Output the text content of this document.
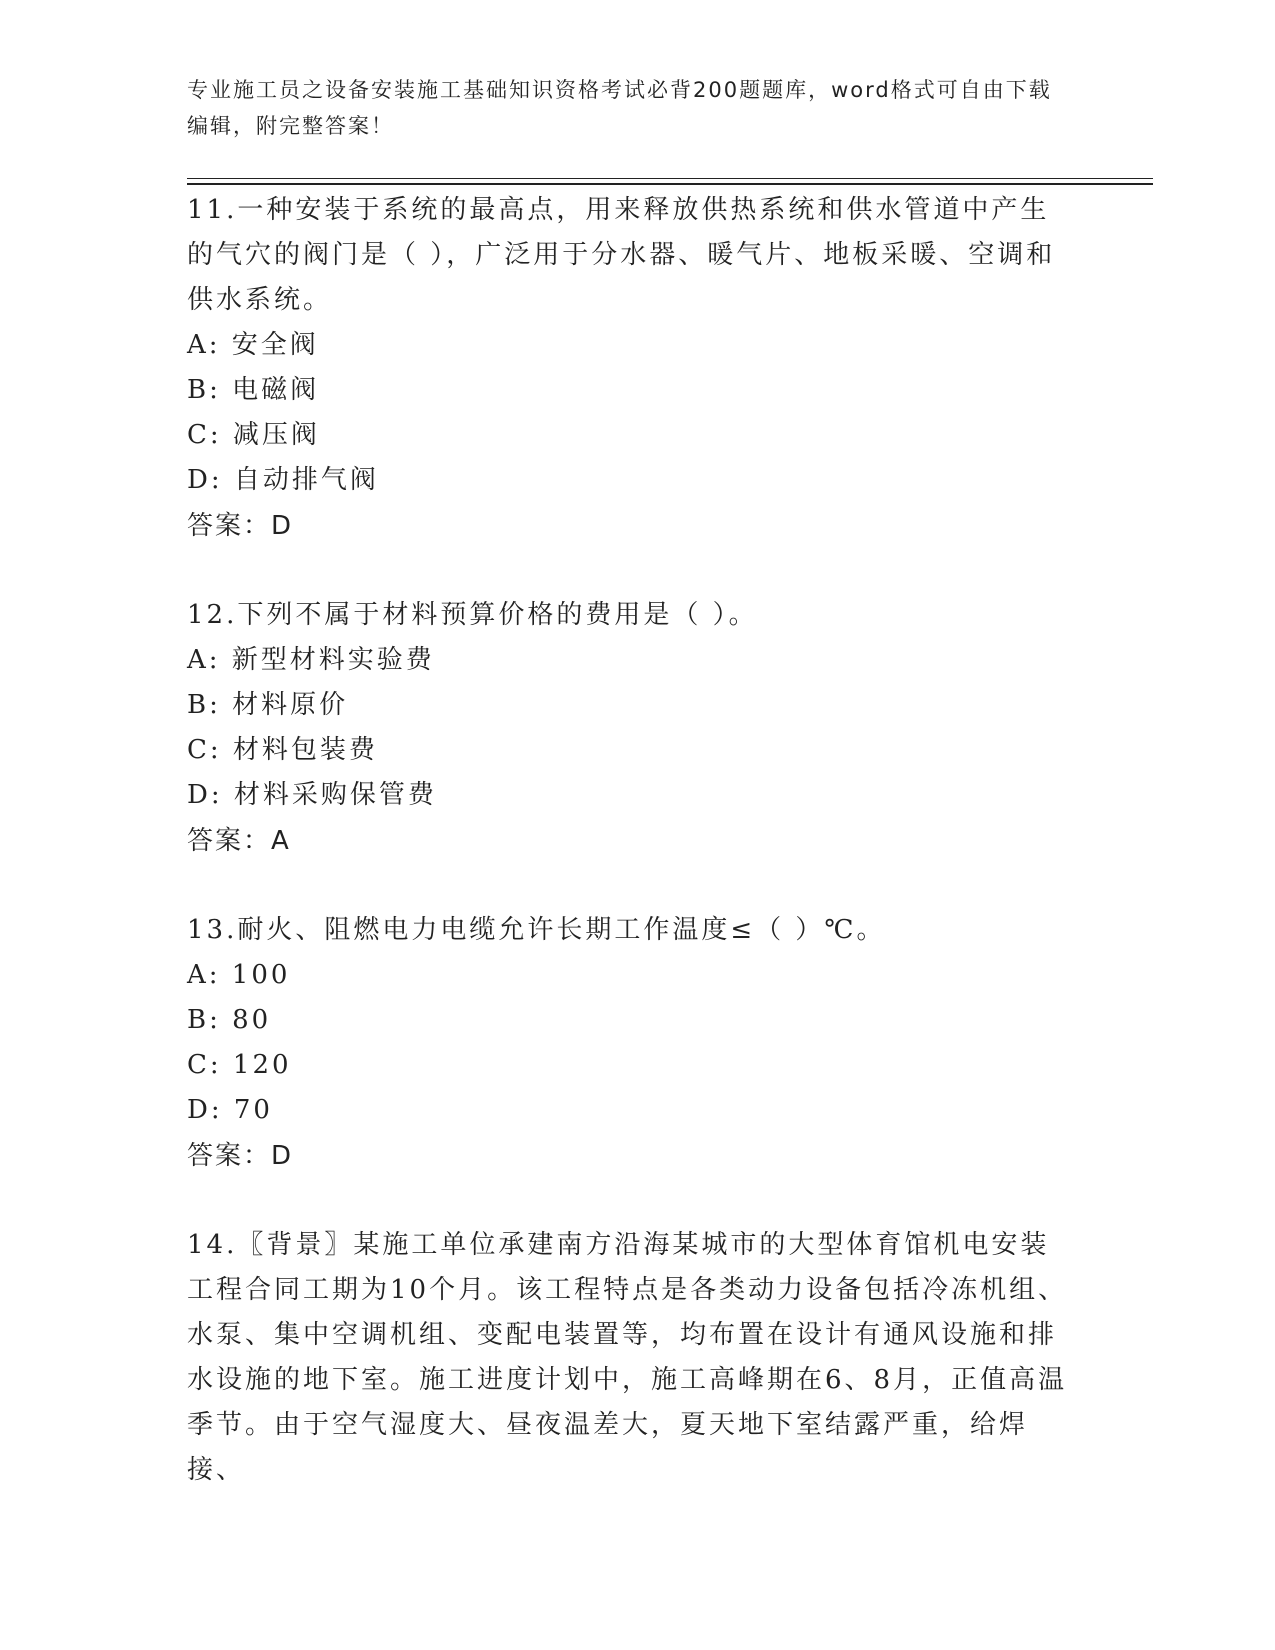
专业施工员之设备安装施工基础知识资格考试必背200题题库，word格式可自由下载编辑，附完整答案！

11.一种安装于系统的最高点，用来释放供热系统和供水管道中产生的气穴的阀门是（ ），广泛用于分水器、暖气片、地板采暖、空调和供水系统。

A: 安全阀

B: 电磁阀

C: 减压阀

D: 自动排气阀

答案：D

12.下列不属于材料预算价格的费用是（ ）。

A: 新型材料实验费

B: 材料原价

C: 材料包装费

D: 材料采购保管费

答案：A

13.耐火、阻燃电力电缆允许长期工作温度≤（ ）℃。

A: 100

B: 80

C: 120

D: 70

答案：D

14.〖背景〗某施工单位承建南方沿海某城市的大型体育馆机电安装工程合同工期为10个月。该工程特点是各类动力设备包括冷冻机组、水泵、集中空调机组、变配电装置等，均布置在设计有通风设施和排水设施的地下室。施工进度计划中，施工高峰期在6、8月，正值高温季节。由于空气湿度大、昼夜温差大，夏天地下室结露严重，给焊接、
